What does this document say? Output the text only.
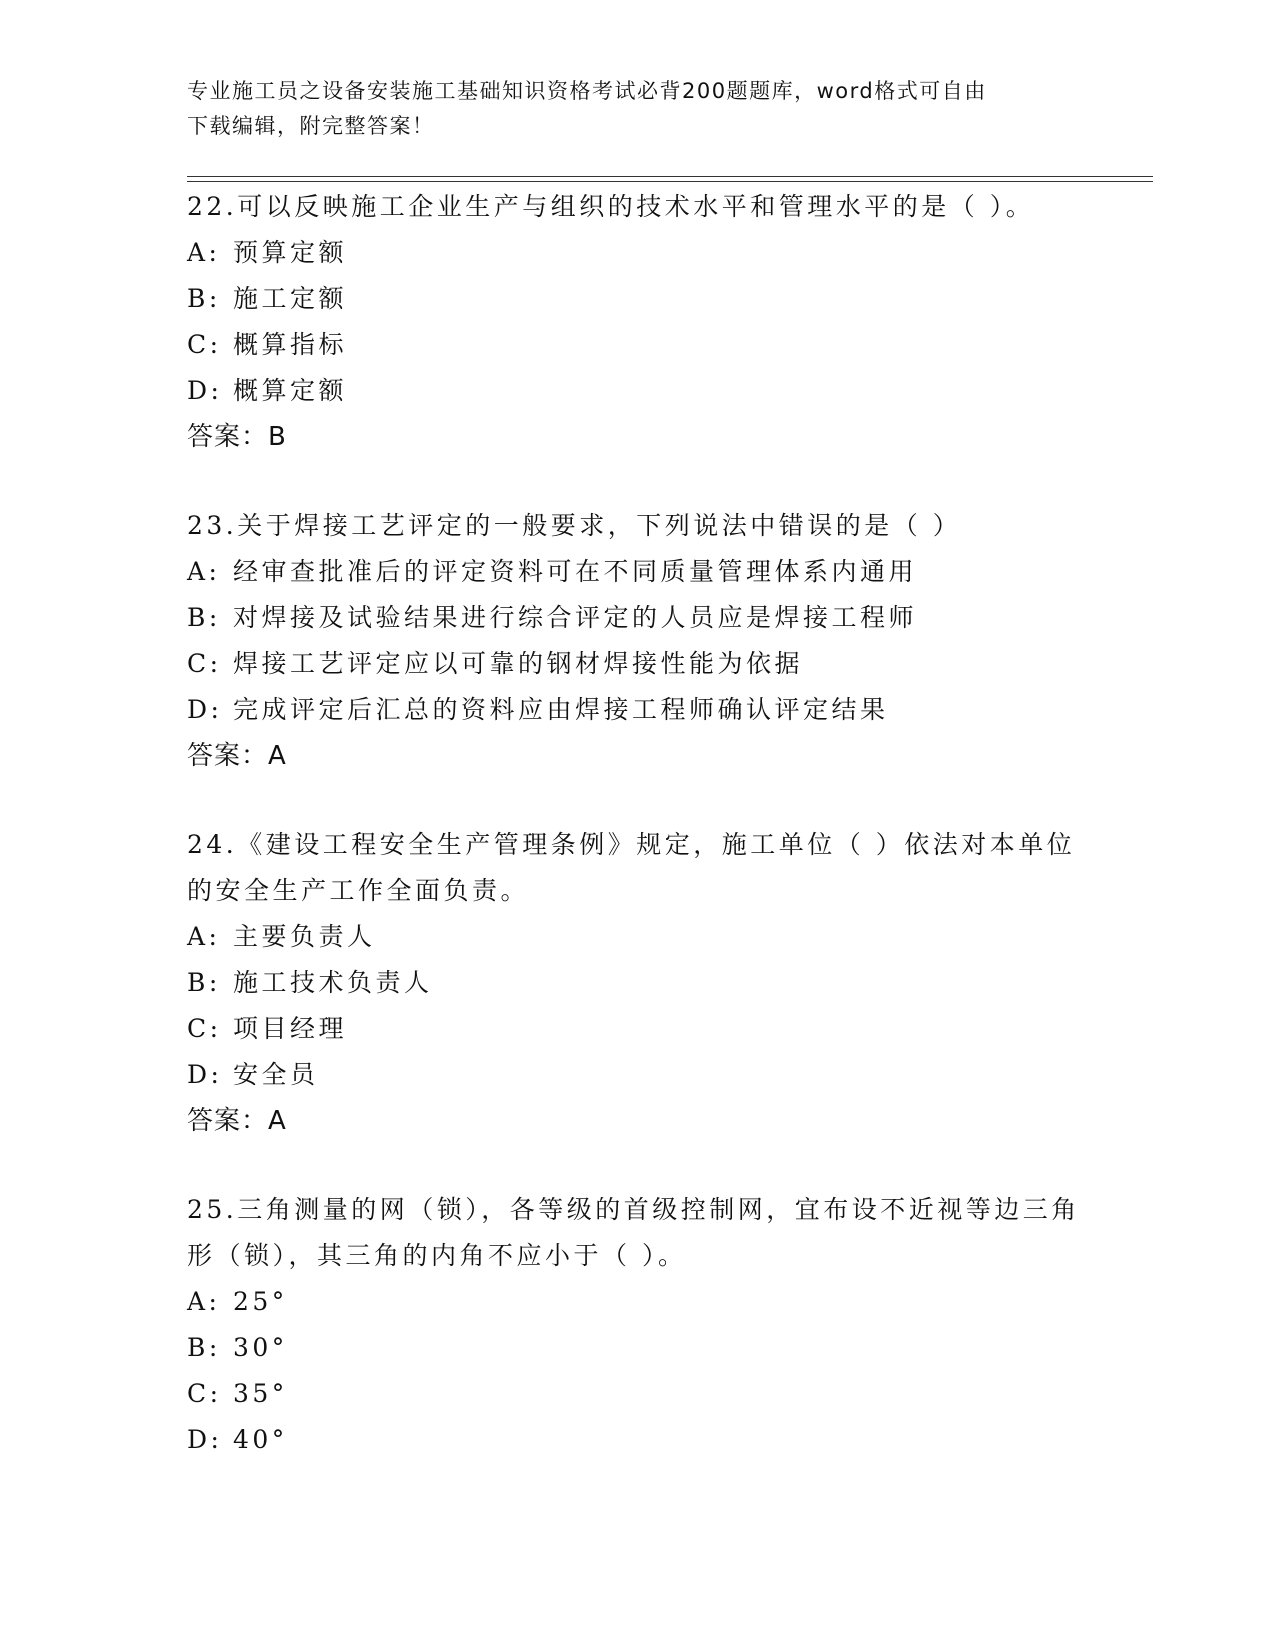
专业施工员之设备安装施工基础知识资格考试必背200题题库，word格式可自由
下载编辑，附完整答案！
22.可以反映施工企业生产与组织的技术水平和管理水平的是（ ）。
A: 预算定额
B: 施工定额
C: 概算指标
D: 概算定额
答案：B
23.关于焊接工艺评定的一般要求，下列说法中错误的是（ ）
A: 经审查批准后的评定资料可在不同质量管理体系内通用
B: 对焊接及试验结果进行综合评定的人员应是焊接工程师
C: 焊接工艺评定应以可靠的钢材焊接性能为依据
D: 完成评定后汇总的资料应由焊接工程师确认评定结果
答案：A
24.《建设工程安全生产管理条例》规定，施工单位（ ）依法对本单位的安全生产工作全面负责。
A: 主要负责人
B: 施工技术负责人
C: 项目经理
D: 安全员
答案：A
25.三角测量的网（锁），各等级的首级控制网，宜布设不近视等边三角形（锁），其三角的内角不应小于（ ）。
A: 25°
B: 30°
C: 35°
D: 40°
